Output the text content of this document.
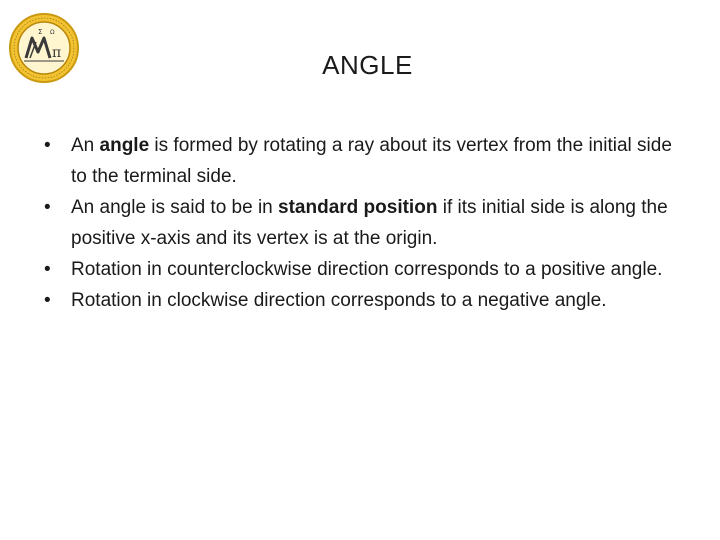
π
Σ Ω
ANGLE
• An angle is formed by rotating a ray about its vertex from the initial side to the terminal side.
• An angle is said to be in standard position if its initial side is along the positive x-axis and its vertex is at the origin.
• Rotation in counterclockwise direction corresponds to a positive angle.
• Rotation in clockwise direction corresponds to a negative angle.
